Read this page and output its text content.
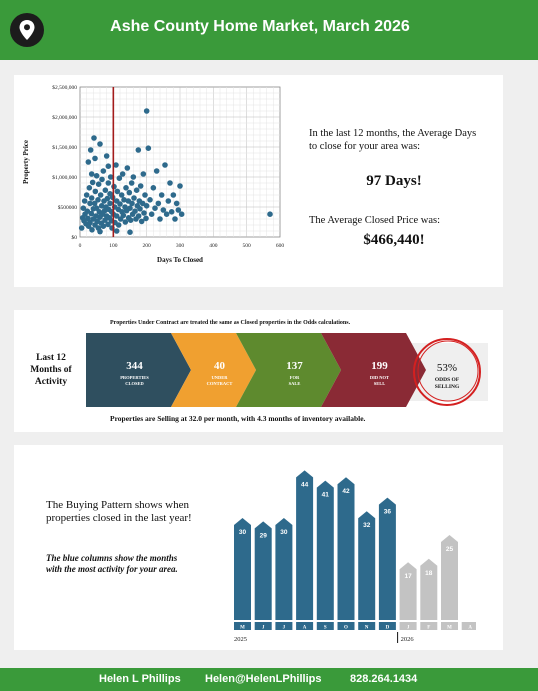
Ashe County Home Market, March 2026
0	100	200	300	400	500	600
$0
$500000
$1,000,000
$1,500,000
$2,000,000
$2,500,000
Days To Closed
Property Price
In the last 12 months, the Average Days to close for your area was:
97 Days!
The Average Closed Price was:
$466,440!
Last 12 Months of Activity
Properties Under Contract are treated the same as Closed properties in the Odds calculations.
344
PROPERTIES
CLOSED
40
UNDER
CONTRACT
137
FOR
SALE
199
DID NOT
SELL
53%
ODDS OF
SELLING
Properties are Selling at 32.0 per month, with 4.3 months of inventory available.
The Buying Pattern shows when properties closed in the last year!
The blue columns show the months with the most activity for your area.
30
M
29
J
30
J
44
A
41
S
42
O
32
N
36
D
17
J
18
F
25
M	A
2025	2026
Helen L Phillips Helen@HelenLPhillips	828.264.1434
